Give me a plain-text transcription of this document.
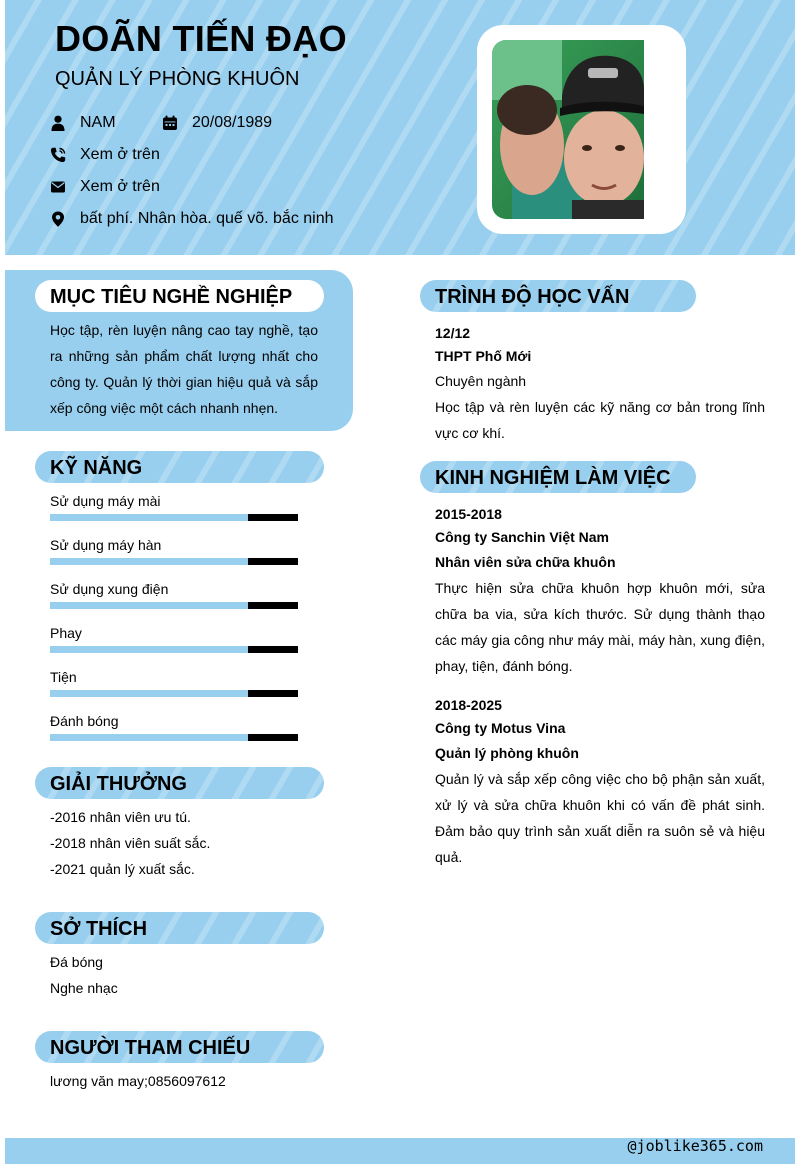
DOÃN TIẾN ĐẠO
QUẢN LÝ PHÒNG KHUÔN
NAM	20/08/1989
Xem ở trên
Xem ở trên
bất phí. Nhân hòa. quế võ. bắc ninh
MỤC TIÊU NGHỀ NGHIỆP
Học tập, rèn luyện nâng cao tay nghề, tạo ra những sản phẩm chất lượng nhất cho công ty. Quản lý thời gian hiệu quả và sắp xếp công việc một cách nhanh nhẹn.
KỸ NĂNG
Sử dụng máy mài
Sử dụng máy hàn
Sử dụng xung điện
Phay
Tiện
Đánh bóng
GIẢI THƯỞNG
-2016 nhân viên ưu tú.
-2018 nhân viên suất sắc.
-2021 quản lý xuất sắc.
SỞ THÍCH
Đá bóng
Nghe nhạc
NGƯỜI THAM CHIẾU
lương văn may;0856097612
TRÌNH ĐỘ HỌC VẤN
12/12
THPT Phố Mới
Chuyên ngành
Học tập và rèn luyện các kỹ năng cơ bản trong lĩnh vực cơ khí.
KINH NGHIỆM LÀM VIỆC
2015-2018
Công ty Sanchin Việt Nam
Nhân viên sửa chữa khuôn
Thực hiện sửa chữa khuôn hợp khuôn mới, sửa chữa ba via, sửa kích thước. Sử dụng thành thạo các máy gia công như máy mài, máy hàn, xung điện, phay, tiện, đánh bóng.
2018-2025
Công ty Motus Vina
Quản lý phòng khuôn
Quản lý và sắp xếp công việc cho bộ phận sản xuất, xử lý và sửa chữa khuôn khi có vấn đề phát sinh. Đảm bảo quy trình sản xuất diễn ra suôn sẻ và hiệu quả.
@joblike365.com
